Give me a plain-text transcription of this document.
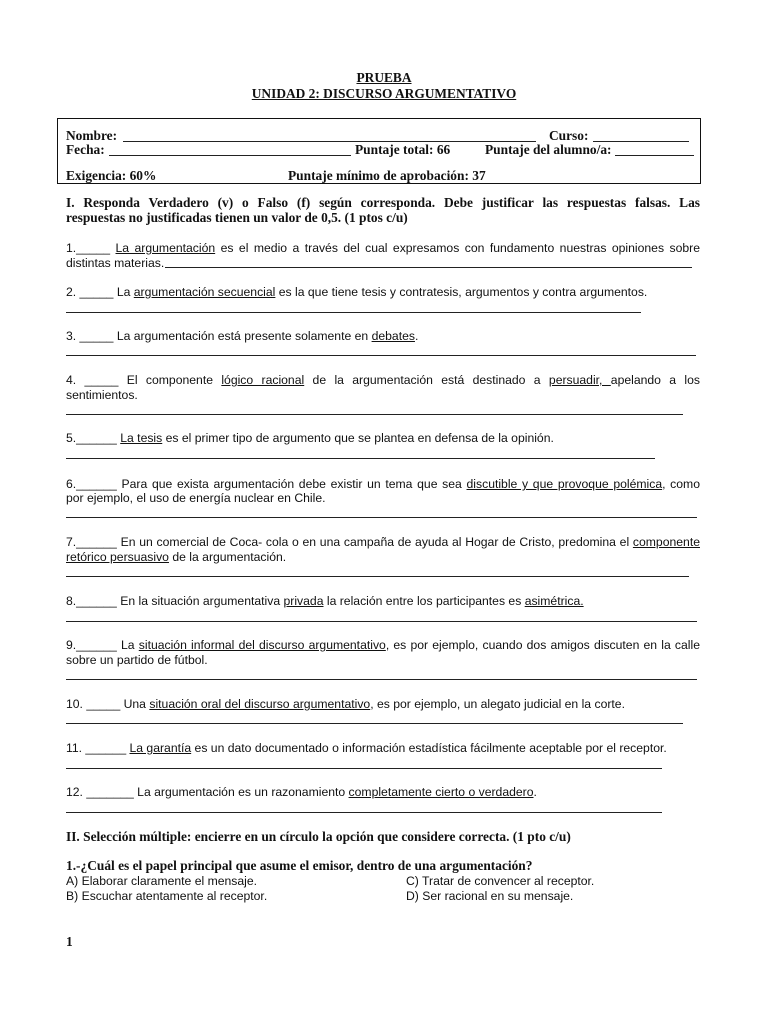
PRUEBA
UNIDAD 2: DISCURSO ARGUMENTATIVO
Nombre:	Curso:
Fecha:	Puntaje total: 66	Puntaje del alumno/a:
Exigencia: 60%	Puntaje mínimo de aprobación: 37
I. Responda Verdadero (v) o Falso (f) según corresponda. Debe justificar las respuestas falsas. Las
respuestas no justificadas tienen un valor de 0,5. (1 ptos c/u)
1._____ La argumentación es el medio a través del cual expresamos con fundamento nuestras opiniones sobre
distintas materias.
2. _____ La argumentación secuencial es la que tiene tesis y contratesis, argumentos y contra argumentos.
3. _____ La argumentación está presente solamente en debates.
4. _____ El componente lógico racional de la argumentación está destinado a persuadir, apelando a los
sentimientos.
5.______ La tesis es el primer tipo de argumento que se plantea en defensa de la opinión.
6.______ Para que exista argumentación debe existir un tema que sea discutible y que provoque polémica, como
por ejemplo, el uso de energía nuclear en Chile.
7.______ En un comercial de Coca- cola o en una campaña de ayuda al Hogar de Cristo, predomina el componente
retórico persuasivo de la argumentación.
8.______ En la situación argumentativa privada la relación entre los participantes es asimétrica.
9.______ La situación informal del discurso argumentativo, es por ejemplo, cuando dos amigos discuten en la calle
sobre un partido de fútbol.
10. _____ Una situación oral del discurso argumentativo, es por ejemplo, un alegato judicial en la corte.
11. ______ La garantía es un dato documentado o información estadística fácilmente aceptable por el receptor.
12. _______ La argumentación es un razonamiento completamente cierto o verdadero.
II. Selección múltiple: encierre en un círculo la opción que considere correcta. (1 pto c/u)
1.-¿Cuál es el papel principal que asume el emisor, dentro de una argumentación?
A) Elaborar claramente el mensaje.	C) Tratar de convencer al receptor.
B) Escuchar atentamente al receptor.	D) Ser racional en su mensaje.
1
